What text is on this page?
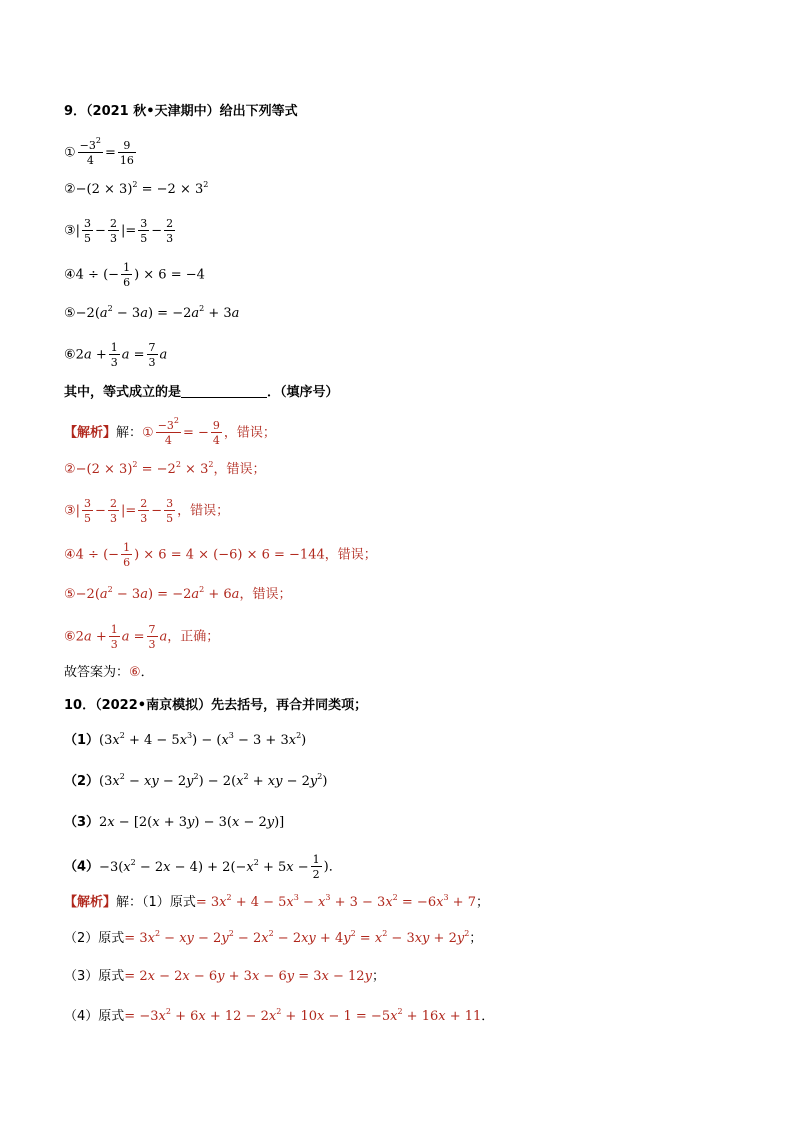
9．（2021 秋•天津期中）给出下列等式
① $\frac{-3^2}{4} = \frac{9}{16}$
②−(2 × $3)^2 = -2 \times 3^2$
③| $\frac{3}{5} - \frac{2}{3}$ |= $\frac{3}{5} - \frac{2}{3}$
④4 ÷ (− $\frac{1}{6}$ ) × 6 = −4
$⑤-2(a^2 - 3a) = -2a^2 + 3a$
⑥2a + $\frac{1}{3}$ $a = \frac{7}{3}$ a
其中，等式成立的是	．（填序号）
【解析】解：① $\frac{-3^2}{4}$ = − $\frac{9}{4}$ ，错误；
②−(2 × $3)^2 = -2^2 \times 3^2$，错误；
③| $\frac{3}{5} - \frac{2}{3}$ |= $\frac{2}{3} - \frac{3}{5}$ ，错误；
④4 ÷ (− $\frac{1}{6}$ ) × 6 = 4 × (−6) × 6 = −144，错误；
$⑤-2(a^2 - 3a) = -2a^2 + 6a$，错误；
⑥2a + $\frac{1}{3}$ $a = \frac{7}{3}$ a，正确；
故答案为：⑥．
10．（2022•南京模拟）先去括号，再合并同类项；
$(1)(3x^2 + 4 - 5x^3) - (x^3 - 3 + 3x^2)$
$(2)(3x^2$ − xy − $2y^2) - 2(x^2$ + xy − $2y^2$)
（3）2x − [2(x + 3y) − 3(x − 2y)]
$(4)-3(x^2 - 2x - 4) + 2(-x^2 + 5x - \frac{1}{2}$ )．
【解析】解：（1）原式= $3x^2 + 4 - 5x^3 - x^3 + 3 - 3x^2 = -6x^3 + 7$；
（2）原式= $3x^2$ − xy − $2y^2 - 2x^2 - 2xy + 4y^2 = x^2 - 3xy + 2y^2$；
（3）原式= 2x − 2x − 6y + 3x − 6y = 3x − 12y；
（4）原式= $-3x^2 + 6x + 12 - 2x^2 + 10x - 1 = -5x^2 + 16x + 11$．
